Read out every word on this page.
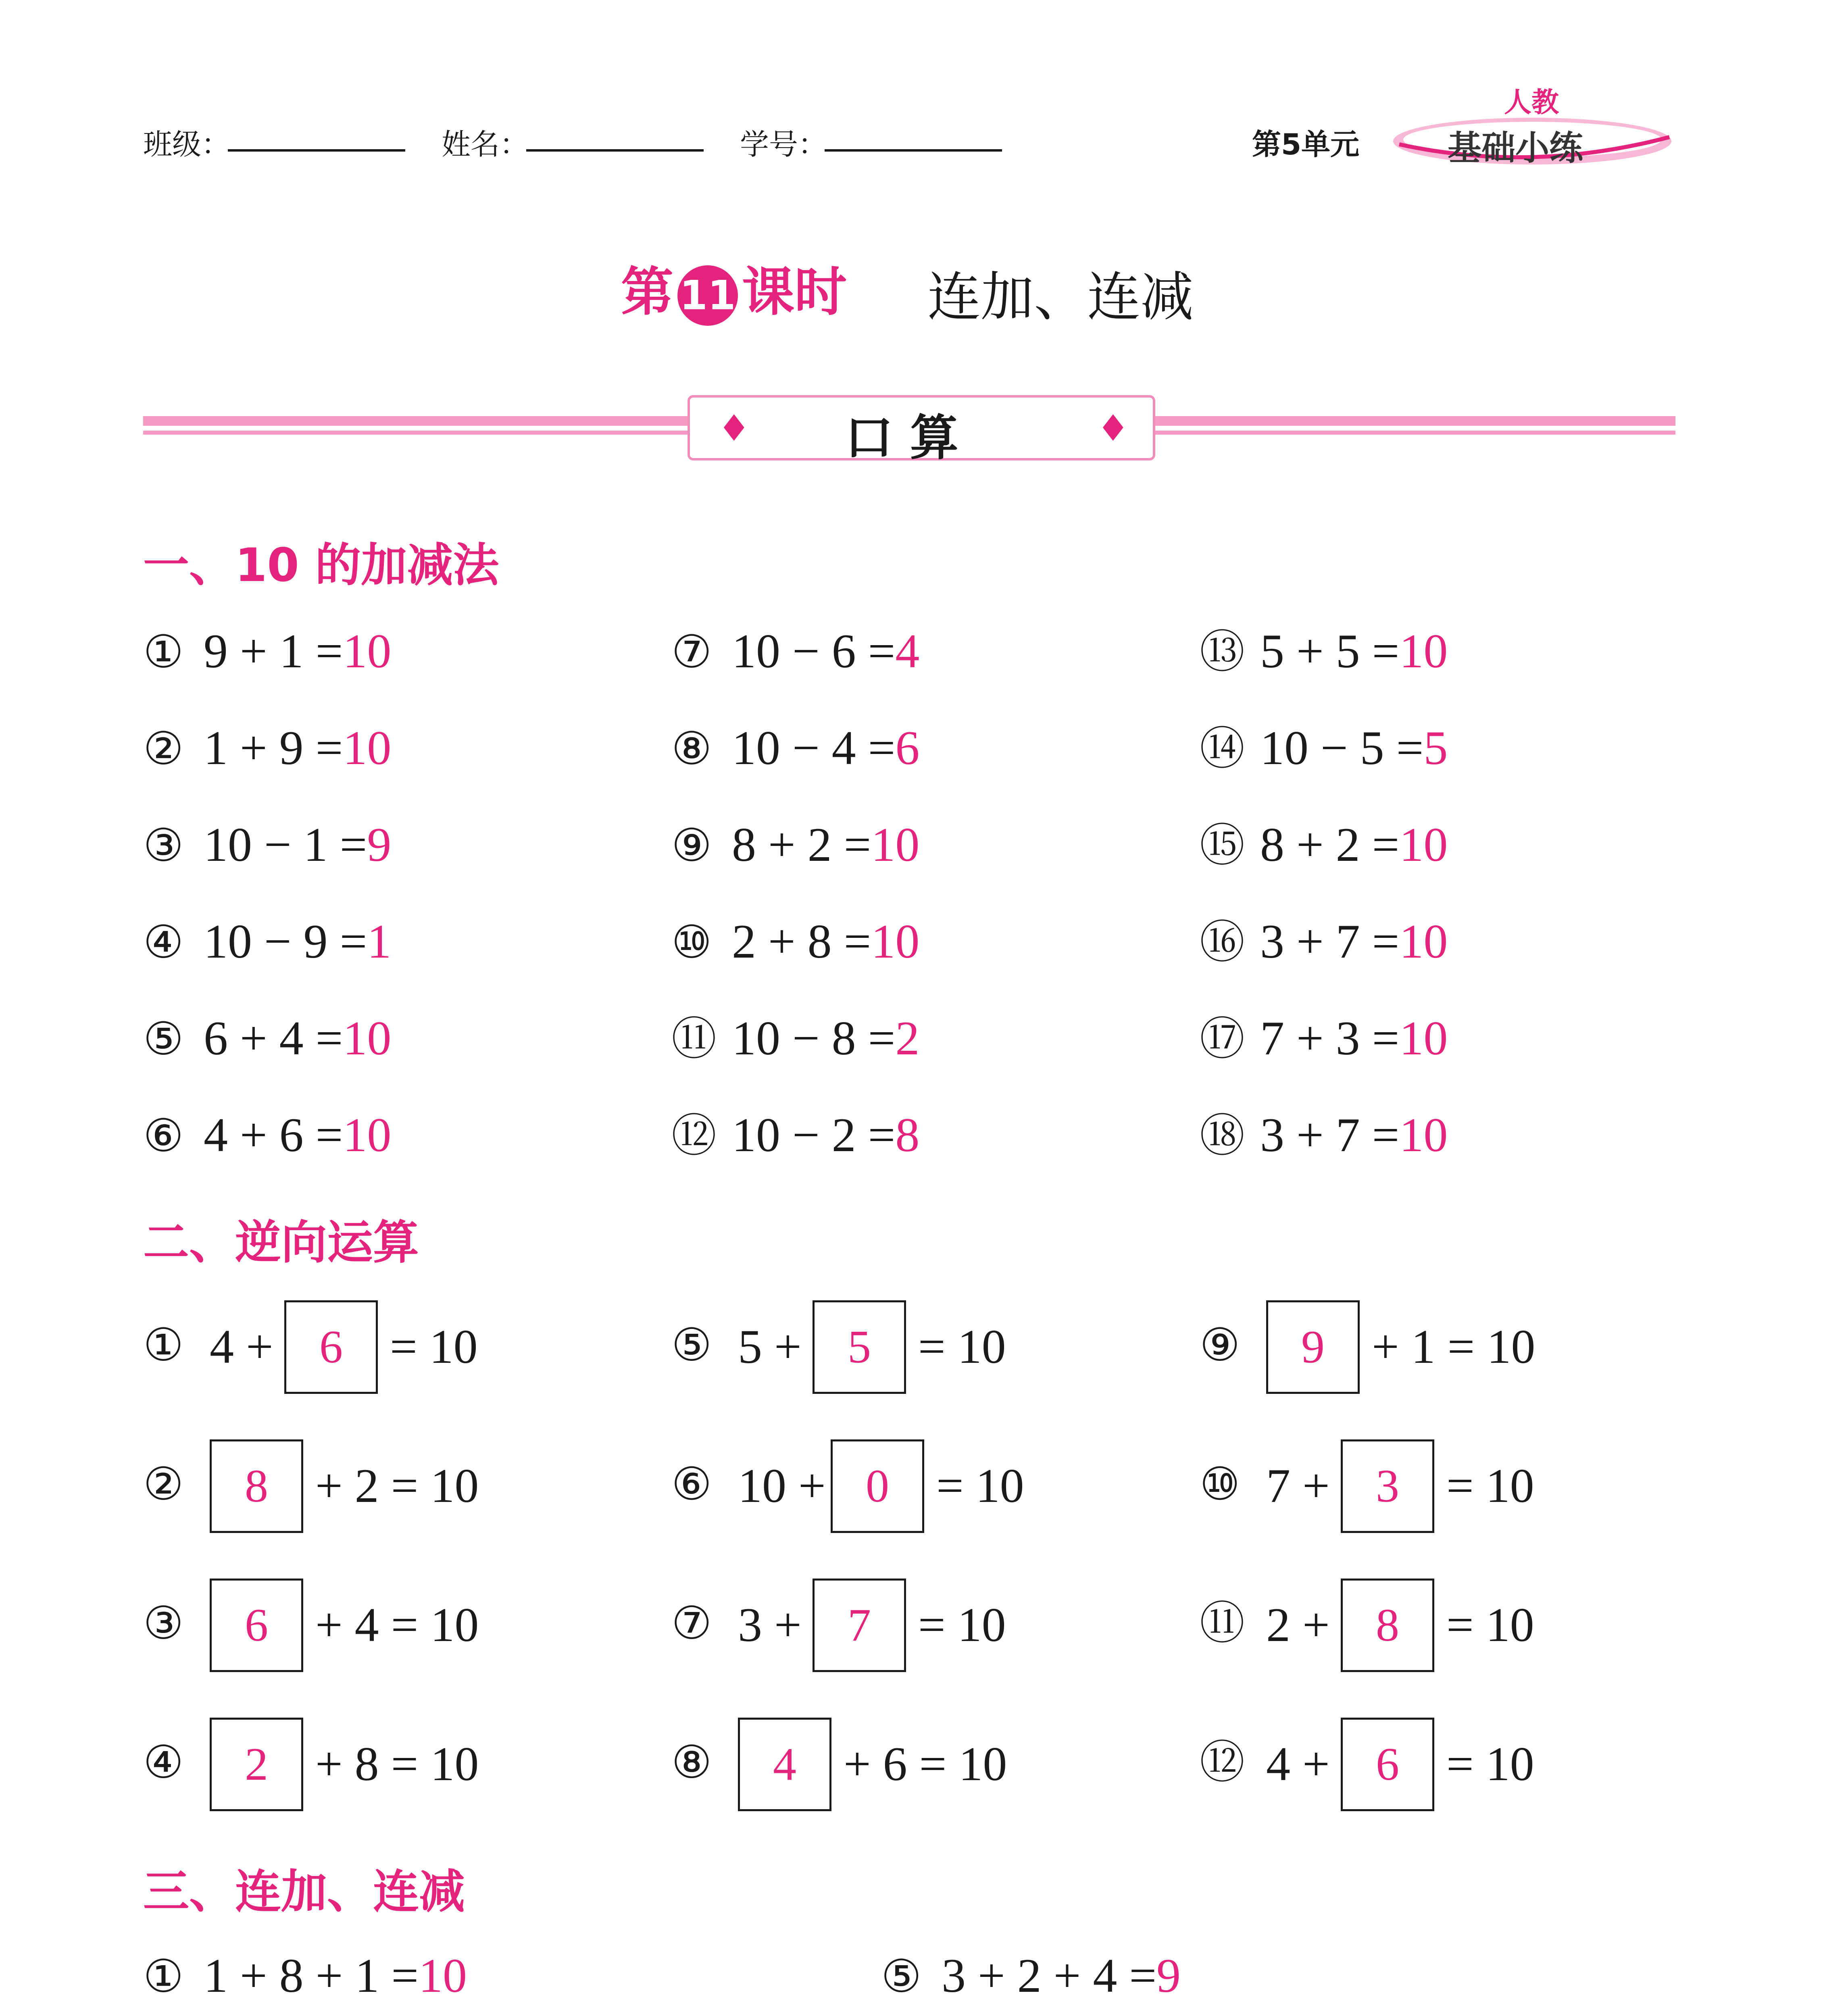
班级：	姓名：	学号：	第5单元
人教
基础小练
第 11 课时 连加、连减
♦	♦
口 算
一、10 的加减法
① 9 + 1 =10
② 1 + 9 =10
③ 10 − 1 =9
④ 10 − 9 =1
⑤ 6 + 4 =10
⑥ 4 + 6 =10
⑦ 10 − 6 =4
⑧ 10 − 4 =6
⑨ 8 + 2 =10
⑩ 2 + 8 =10
⑪ 10 − 8 =2
⑫ 10 − 2 =8
⑬ 5 + 5 =10
⑭ 10 − 5 =5
⑮ 8 + 2 =10
⑯ 3 + 7 =10
⑰ 7 + 3 =10
⑱ 3 + 7 =10
二、逆向运算
① 4 + 6 = 10
②	8 + 2 = 10
③	6 + 4 = 10
④	2 + 8 = 10
⑤ 5 + 5 = 10
⑥ 10 + 0 = 10
⑦ 3 + 7 = 10
⑧	4 + 6 = 10
⑨	9 + 1 = 10
⑩ 7 + 3 = 10
⑪ 2 + 8 = 10
⑫ 4 + 6 = 10
三、连加、连减
① 1 + 8 + 1 =10	⑤ 3 + 2 + 4 =9
